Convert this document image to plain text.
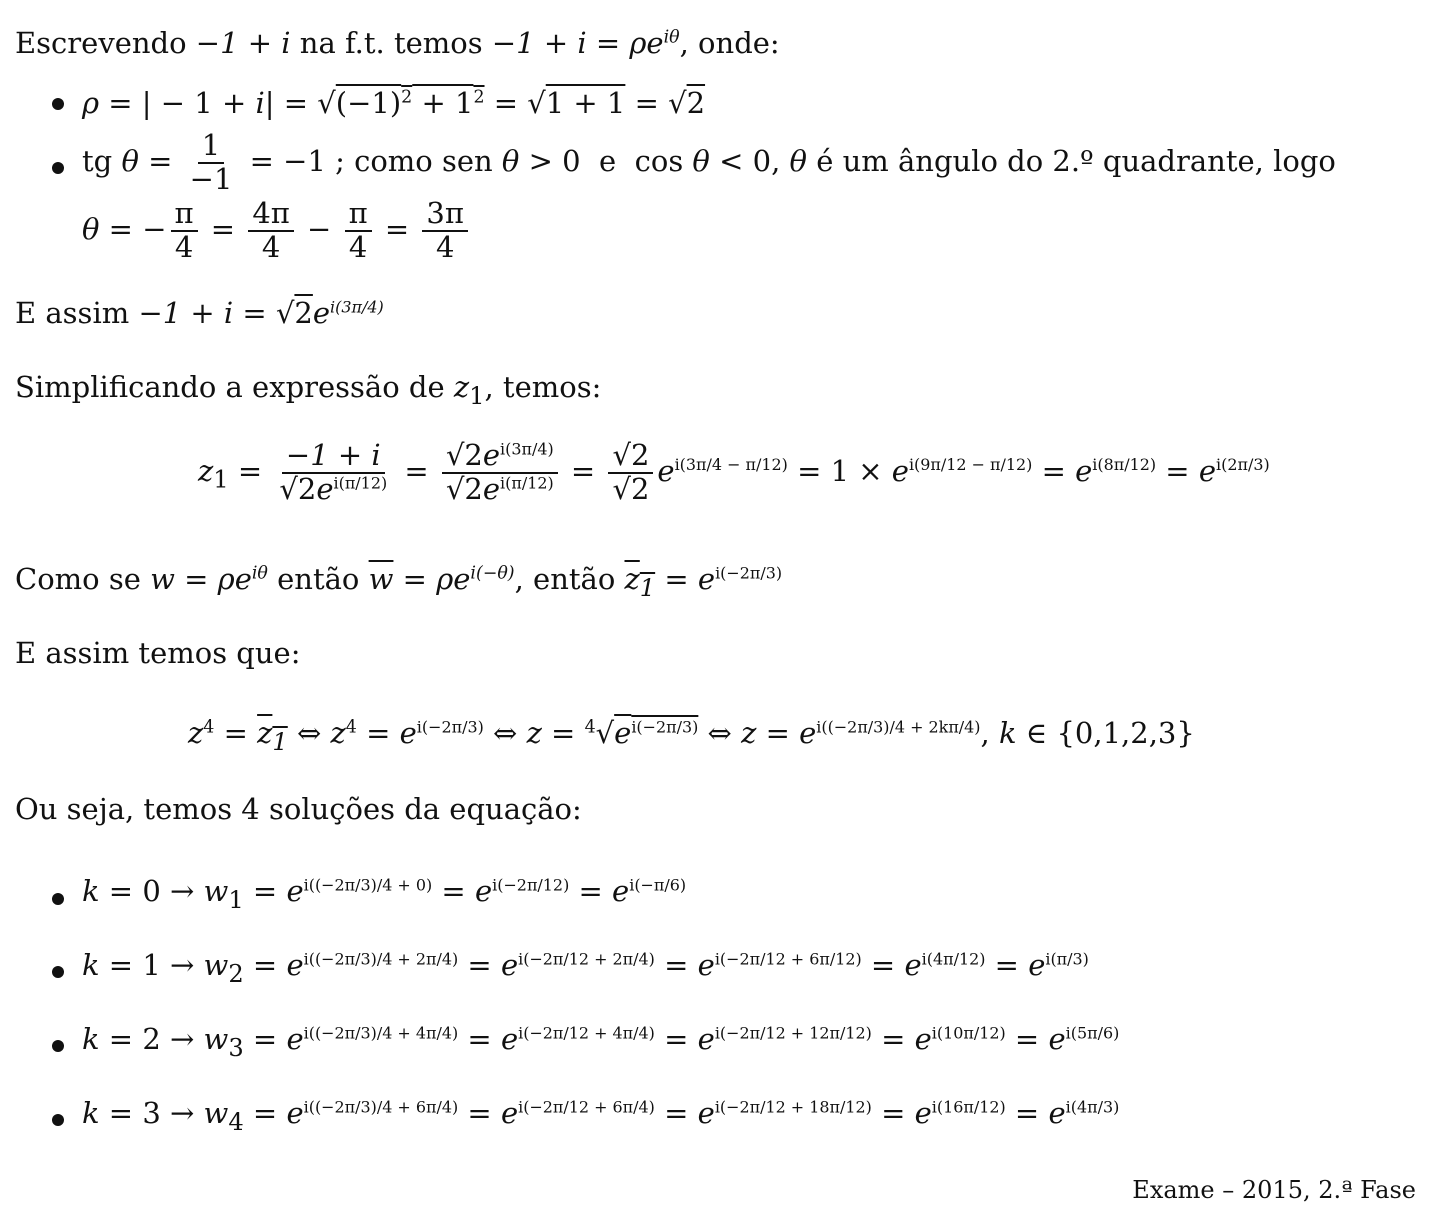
Escrevendo −1 + i na f.t. temos $-1 + i = \rho e^{i\theta}$, onde:
ρ = | − $1 + i| = √(-1)^2 + 1^2 = √1 + 1 = √2$
tg $\theta = \frac{1}{-1} = -1$ ; como sen θ > 0  e  cos θ < 0, θ é um ângulo do 2.º quadrante, logo
θ = − $\frac{\pi}{4} = \frac{4\pi}{4} - \frac{\pi}{4} = \frac{3\pi}{4}$
E assim $-1 + i = √2e^{i(3\pi/4)}$
Simplificando a expressão de $z_1$, temos:
$z_1 = \frac{-1 + i}{√2e^{i(\pi/12)}} = \frac{√2e^{i(3\pi/4)}}{√2e^{i(\pi/12)}} = \frac{√2}{√2} e^{i(3\pi/4 - \pi/12)} = 1 \times e^{i(9\pi/12 - \pi/12)} = e^{i(8\pi/12)} = e^{i(2\pi/3)}$
Como se $w = \rho e^{i\theta}$ então $\overline{w} = \rho e^{i(-\theta)}$, então $z_1 = e^{i(-2\pi/3)}$
E assim temos que:
$z^4 = z_1$ ⇔ $z^4 = e^{i(-2\pi/3)}$ ⇔ $z = ^4√e^{i(-2\pi/3)}$ ⇔ $z = e^{i((-2\pi/3)/4 + 2k\pi/4)}$, k ∈ {0,1,2,3}
Ou seja, temos 4 soluções da equação:
$k = 0 \to w_1 = e^{i((-2\pi/3)/4 + 0)} = e^{i(-2\pi/12)} = e^{i(-\pi/6)}$
$k = 1 \to w_2 = e^{i((-2\pi/3)/4 + 2\pi/4)} = e^{i(-2\pi/12 + 2\pi/4)} = e^{i(-2\pi/12 + 6\pi/12)} = e^{i(4\pi/12)} = e^{i(\pi/3)}$
$k = 2 \to w_3 = e^{i((-2\pi/3)/4 + 4\pi/4)} = e^{i(-2\pi/12 + 4\pi/4)} = e^{i(-2\pi/12 + 12\pi/12)} = e^{i(10\pi/12)} = e^{i(5\pi/6)}$
$k = 3 \to w_4 = e^{i((-2\pi/3)/4 + 6\pi/4)} = e^{i(-2\pi/12 + 6\pi/4)} = e^{i(-2\pi/12 + 18\pi/12)} = e^{i(16\pi/12)} = e^{i(4\pi/3)}$
Exame – 2015, 2.ª Fase
